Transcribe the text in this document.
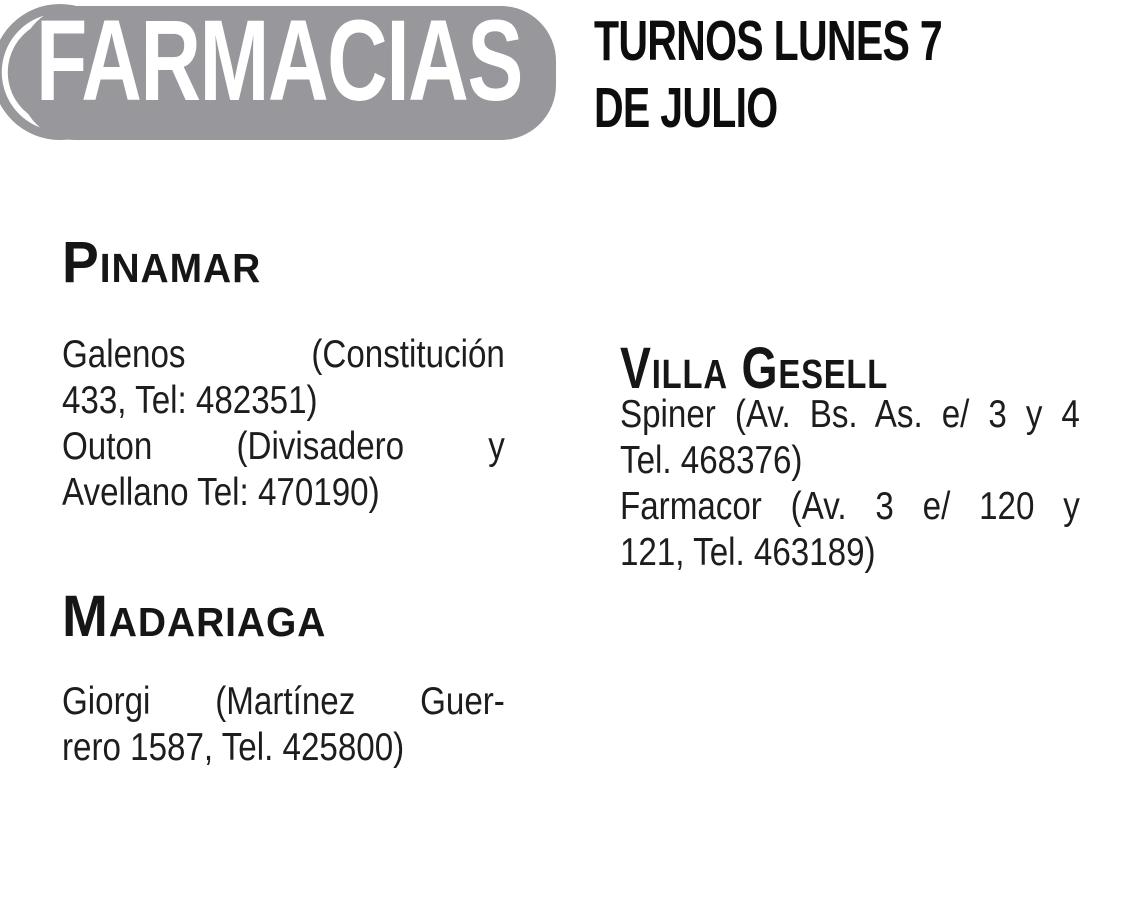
FARMACIAS TURNOS LUNES 7
DE JULIO
Pinamar
Galenos (Constitución
433, Tel: 482351)
Outon (Divisadero y
Avellano Tel: 470190)
Madariaga
Giorgi (Martínez Guer-
rero 1587, Tel. 425800)
Villa Gesell
Spiner (Av. Bs. As. e/ 3 y 4
Tel. 468376)
Farmacor (Av. 3 e/ 120 y
121, Tel. 463189)
